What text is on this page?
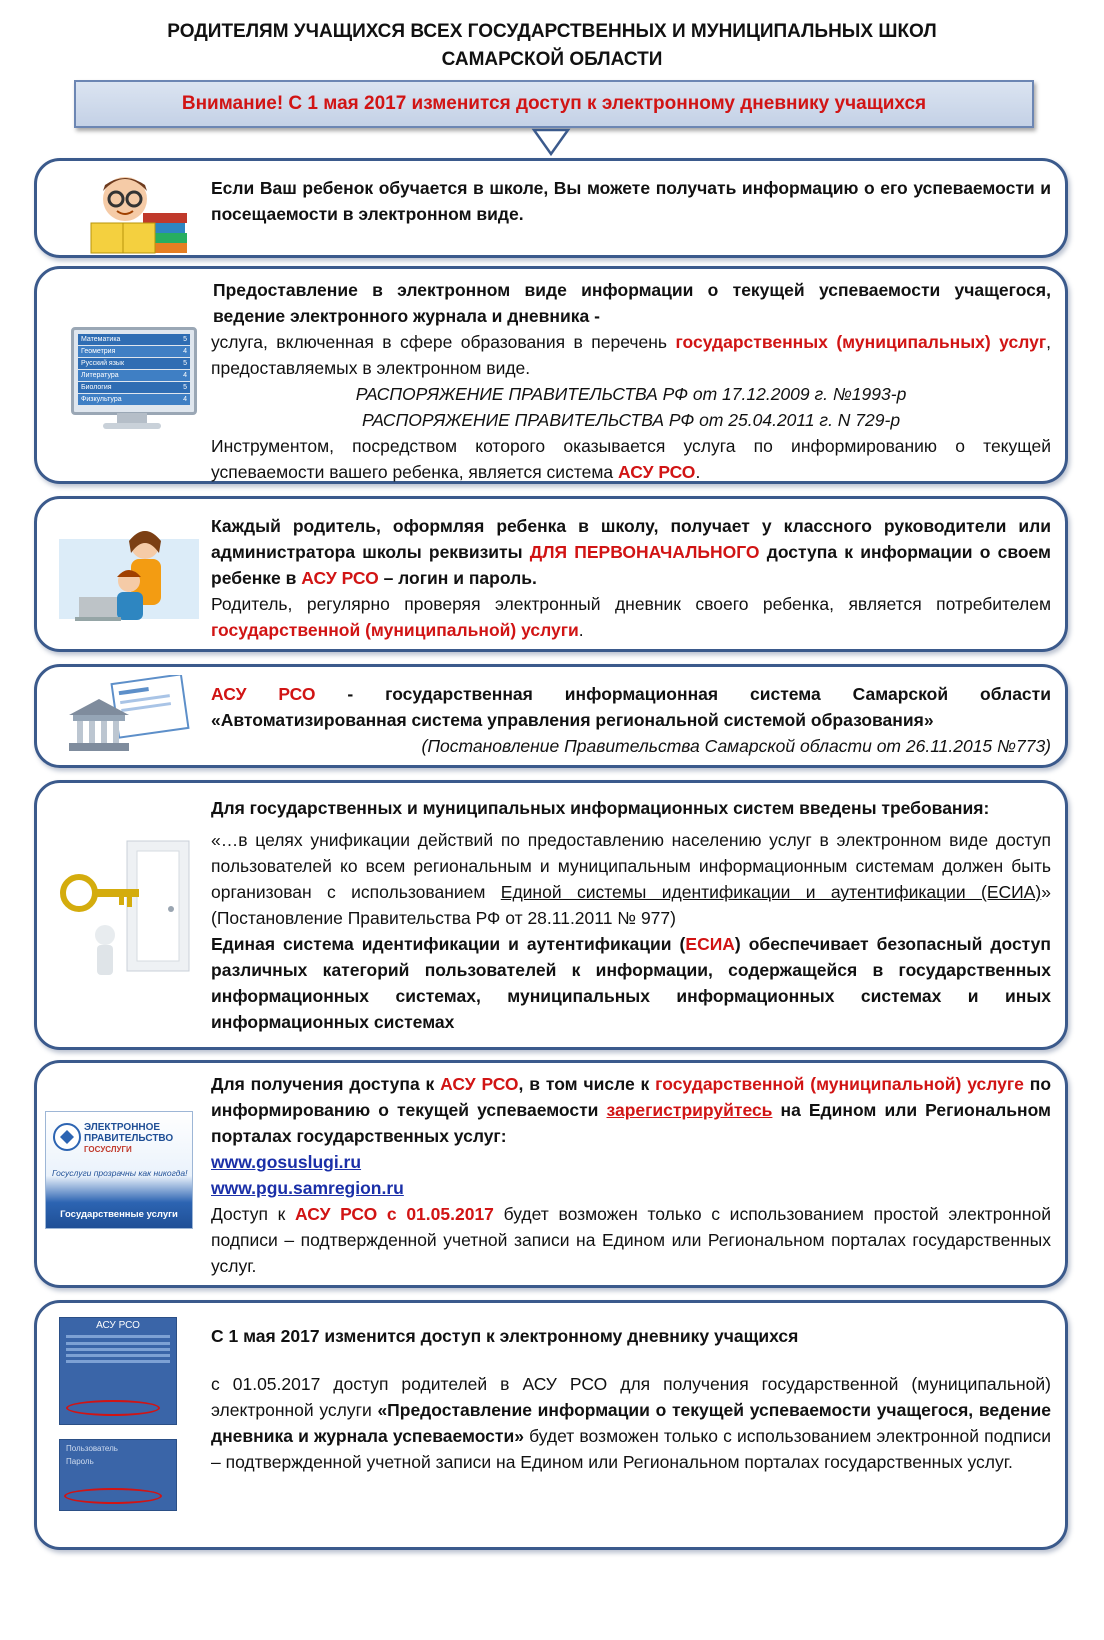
РОДИТЕЛЯМ УЧАЩИХСЯ ВСЕХ ГОСУДАРСТВЕННЫХ И МУНИЦИПАЛЬНЫХ ШКОЛ
САМАРСКОЙ ОБЛАСТИ
Внимание! С 1 мая 2017 изменится доступ к электронному дневнику учащихся
Если Ваш ребенок обучается в школе, Вы можете получать информацию о его успеваемости и посещаемости в электронном виде.
Математика	5
Геометрия	4
Русский язык	5
Литература	4
Биология	5
Физкультура	4
Предоставление в электронном виде информации о текущей успеваемости учащегося, ведение электронного журнала и дневника -
услуга, включенная в сфере образования в перечень государственных (муниципальных) услуг, предоставляемых в электронном виде.
РАСПОРЯЖЕНИЕ ПРАВИТЕЛЬСТВА РФ от 17.12.2009 г. №1993-р
РАСПОРЯЖЕНИЕ ПРАВИТЕЛЬСТВА РФ от 25.04.2011 г. N 729-р
Инструментом, посредством которого оказывается услуга по информированию о текущей успеваемости вашего ребенка, является система АСУ РСО.
Каждый родитель, оформляя ребенка в школу, получает у классного руководители или администратора школы реквизиты ДЛЯ ПЕРВОНАЧАЛЬНОГО доступа к информации о своем ребенке в АСУ РСО – логин и пароль.
Родитель, регулярно проверяя электронный дневник своего ребенка, является потребителем государственной (муниципальной) услуги.
АСУ РСО - государственная информационная система Самарской области «Автоматизированная система управления региональной системой образования»
(Постановление Правительства Самарской области от 26.11.2015 №773)
Для государственных и муниципальных информационных систем введены требования:
«…в целях унификации действий по предоставлению населению услуг в электронном виде доступ пользователей ко всем региональным и муниципальным информационным системам должен быть организован с использованием Единой системы идентификации и аутентификации (ЕСИА)» (Постановление Правительства РФ от 28.11.2011 № 977)
Единая система идентификации и аутентификации (ЕСИА) обеспечивает безопасный доступ различных категорий пользователей к информации, содержащейся в государственных информационных системах, муниципальных информационных системах и иных информационных системах
ЭЛЕКТРОННОЕ
ПРАВИТЕЛЬСТВО
ГОСУСЛУГИ
Госуслуги прозрачны как никогда!
Государственные услуги
Для получения доступа к АСУ РСО, в том числе к государственной (муниципальной) услуге по информированию о текущей успеваемости зарегистрируйтесь на Едином или Региональном порталах государственных услуг:
www.gosuslugi.ru
www.pgu.samregion.ru
Доступ к АСУ РСО с 01.05.2017 будет возможен только с использованием простой электронной подписи – подтвержденной учетной записи на Едином или Региональном порталах государственных услуг.
АСУ РСО
Пользователь
Пароль
С 1 мая 2017 изменится доступ к электронному дневнику учащихся
с 01.05.2017 доступ родителей в АСУ РСО для получения государственной (муниципальной) электронной услуги «Предоставление информации о текущей успеваемости учащегося, ведение дневника и журнала успеваемости» будет возможен только с использованием электронной подписи – подтвержденной учетной записи на Едином или Региональном порталах государственных услуг.
